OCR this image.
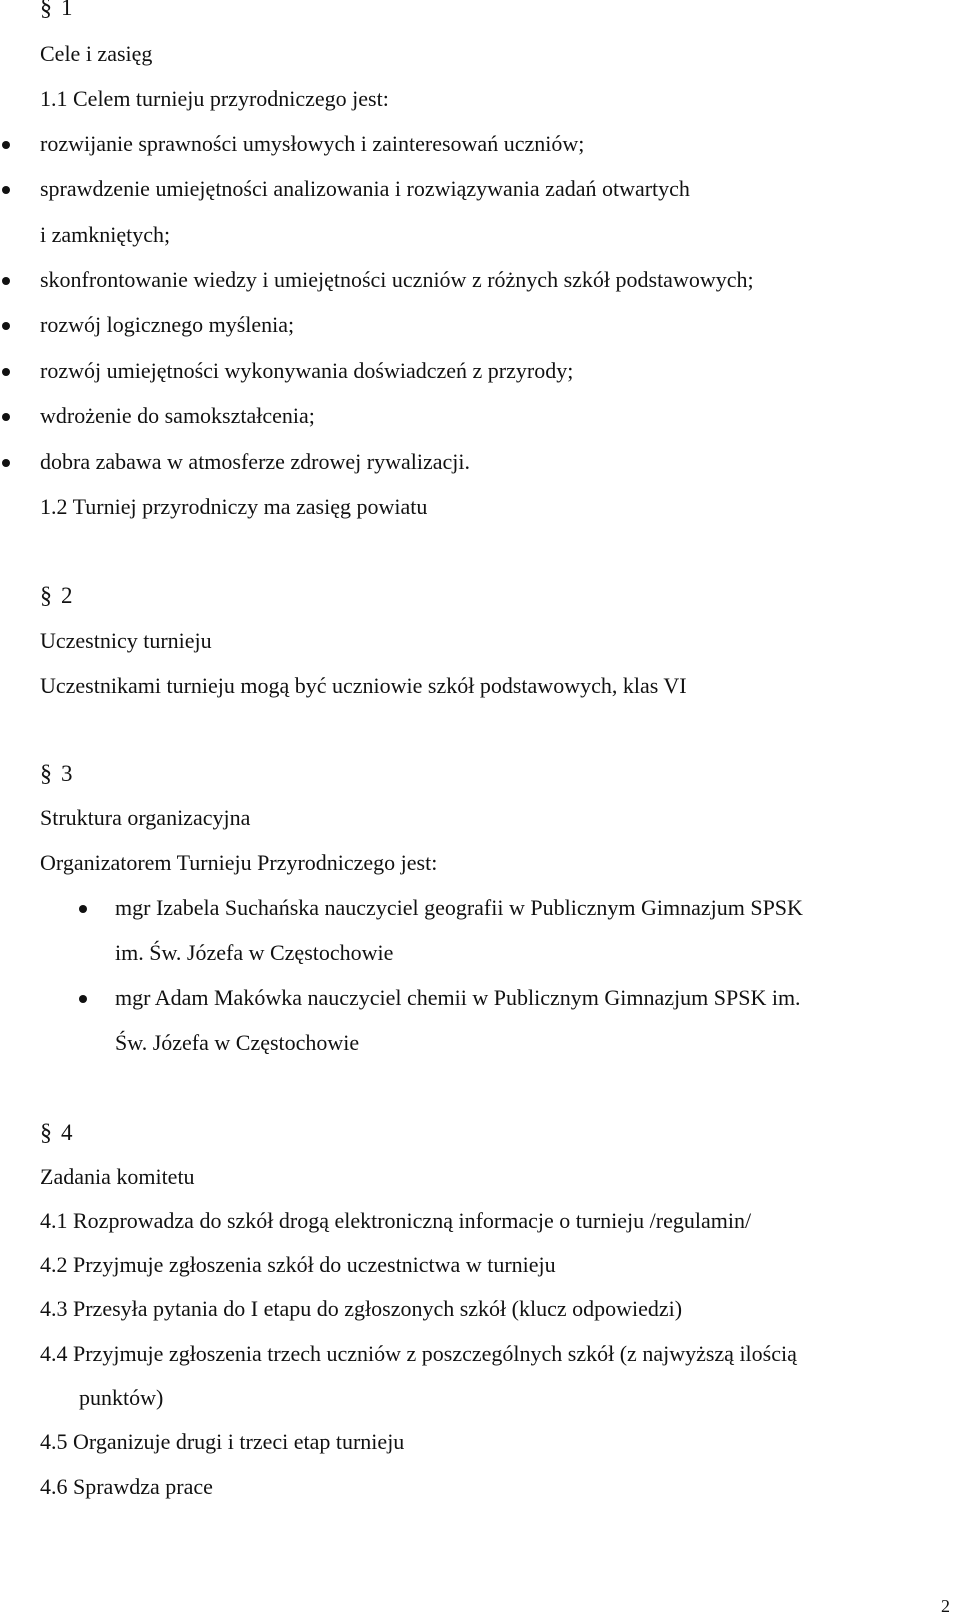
§ 1
Cele i zasięg
1.1 Celem turnieju przyrodniczego jest:
rozwijanie sprawności umysłowych i zainteresowań uczniów;
sprawdzenie umiejętności analizowania i rozwiązywania zadań otwartych
i zamkniętych;
skonfrontowanie wiedzy i umiejętności uczniów z różnych szkół podstawowych;
rozwój logicznego myślenia;
rozwój umiejętności wykonywania doświadczeń z przyrody;
wdrożenie do samokształcenia;
dobra zabawa w atmosferze zdrowej rywalizacji.
1.2 Turniej przyrodniczy ma zasięg powiatu
§ 2
Uczestnicy turnieju
Uczestnikami turnieju mogą być uczniowie szkół podstawowych, klas VI
§ 3
Struktura organizacyjna
Organizatorem Turnieju Przyrodniczego jest:
mgr Izabela Suchańska nauczyciel geografii w Publicznym Gimnazjum SPSK
im. Św. Józefa w Częstochowie
mgr Adam Makówka nauczyciel chemii w Publicznym Gimnazjum SPSK im.
Św. Józefa w Częstochowie
§ 4
Zadania komitetu
4.1 Rozprowadza do szkół drogą elektroniczną informacje o turnieju /regulamin/
4.2 Przyjmuje zgłoszenia szkół do uczestnictwa w turnieju
4.3 Przesyła pytania do I etapu do zgłoszonych szkół (klucz odpowiedzi)
4.4 Przyjmuje zgłoszenia trzech uczniów z poszczególnych szkół (z najwyższą ilością
punktów)
4.5 Organizuje drugi i trzeci etap turnieju
4.6 Sprawdza prace
2
